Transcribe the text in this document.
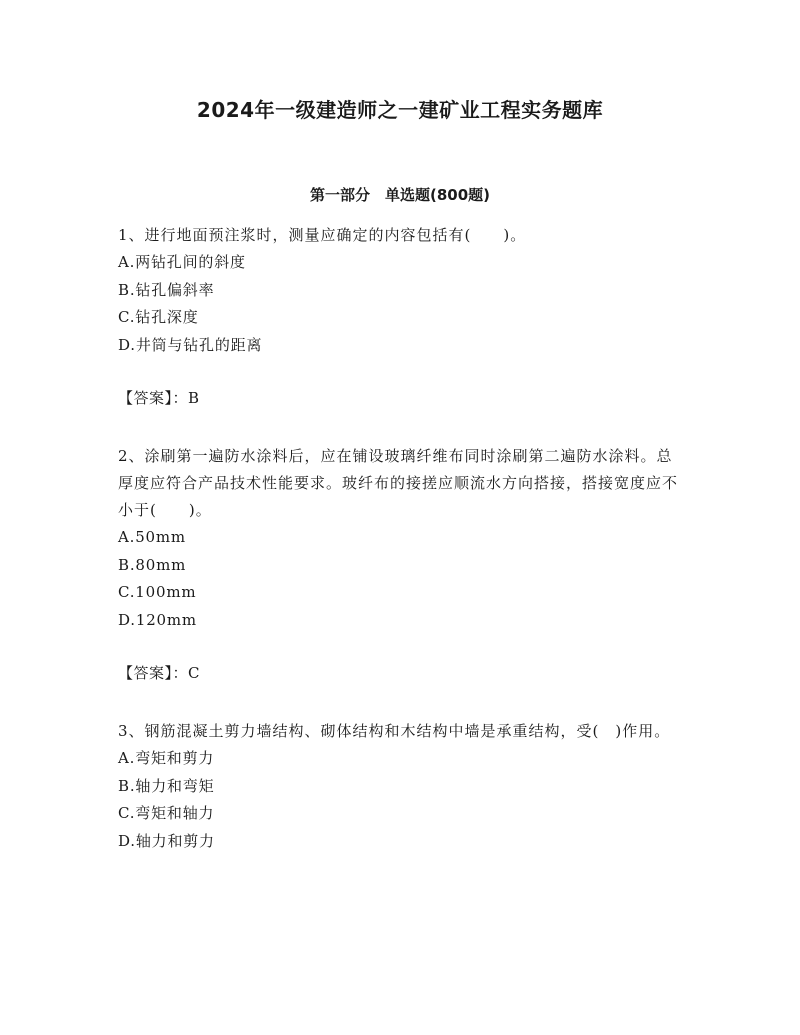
2024年一级建造师之一建矿业工程实务题库
第一部分　单选题(800题)

1、进行地面预注浆时，测量应确定的内容包括有(　　)。

A.两钻孔间的斜度

B.钻孔偏斜率

C.钻孔深度

D.井筒与钻孔的距离

【答案】：B

2、涂刷第一遍防水涂料后，应在铺设玻璃纤维布同时涂刷第二遍防水涂料。总厚度应符合产品技术性能要求。玻纤布的接搓应顺流水方向搭接，搭接宽度应不小于(　　)。

A.50mm

B.80mm

C.100mm

D.120mm

【答案】：C

3、钢筋混凝土剪力墙结构、砌体结构和木结构中墙是承重结构，受(　)作用。

A.弯矩和剪力

B.轴力和弯矩

C.弯矩和轴力

D.轴力和剪力
